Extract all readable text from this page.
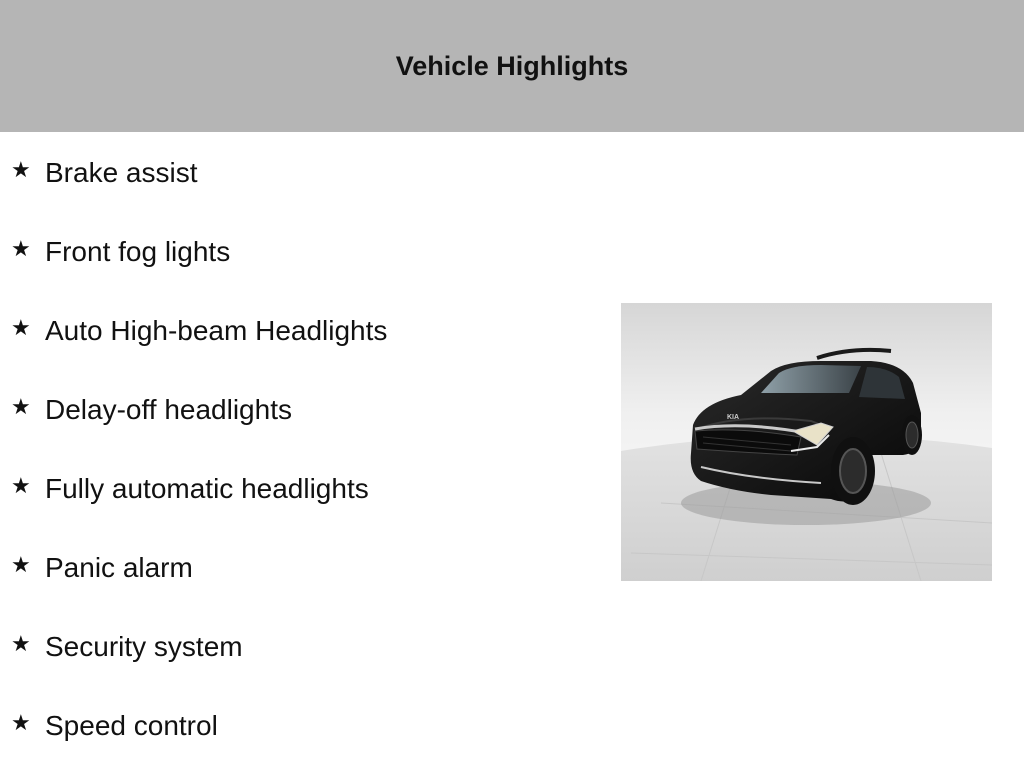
Vehicle Highlights
★ Brake assist
★ Front fog lights
★ Auto High-beam Headlights
★ Delay-off headlights
★ Fully automatic headlights
★ Panic alarm
★ Security system
★ Speed control
KIA
